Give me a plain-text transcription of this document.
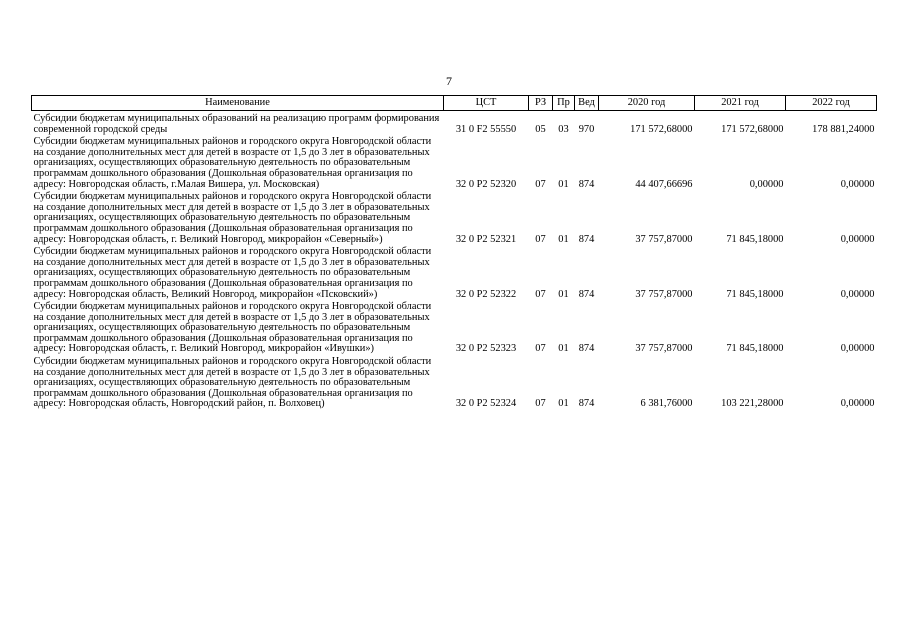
7
Наименование	ЦСТ	РЗ	Пр	Вед	2020 год	2021 год	2022 год
Субсидии бюджетам муниципальных образований на реализацию программ формирования современной городской среды	31 0 F2 55550	05	03	970	171 572,68000	171 572,68000	178 881,24000
Субсидии бюджетам муниципальных районов и городского округа Новгородской области на создание дополнительных мест для детей в возрасте от 1,5 до 3 лет в образовательных организациях, осуществляющих образовательную деятельность по образовательным программам дошкольного образования (Дошкольная образовательная организация по адресу: Новгородская область, г.Малая Вишера, ул. Московская)	32 0 P2 52320	07	01	874	44 407,66696	0,00000	0,00000
Субсидии бюджетам муниципальных районов и городского округа Новгородской области на создание дополнительных мест для детей в возрасте от 1,5 до 3 лет в образовательных организациях, осуществляющих образовательную деятельность по образовательным программам дошкольного образования (Дошкольная образовательная организация по адресу: Новгородская область, г. Великий Новгород, микрорайон «Северный»)	32 0 P2 52321	07	01	874	37 757,87000	71 845,18000	0,00000
Субсидии бюджетам муниципальных районов и городского округа Новгородской области на создание дополнительных мест для детей в возрасте от 1,5 до 3 лет в образовательных организациях, осуществляющих образовательную деятельность по образовательным программам дошкольного образования (Дошкольная образовательная организация по адресу: Новгородская область, Великий Новгород, микрорайон «Псковский»)	32 0 P2 52322	07	01	874	37 757,87000	71 845,18000	0,00000
Субсидии бюджетам муниципальных районов и городского округа Новгородской области на создание дополнительных мест для детей в возрасте от 1,5 до 3 лет в образовательных организациях, осуществляющих образовательную деятельность по образовательным программам дошкольного образования (Дошкольная образовательная организация по адресу: Новгородская область, г. Великий Новгород, микрорайон «Ивушки»)	32 0 P2 52323	07	01	874	37 757,87000	71 845,18000	0,00000
Субсидии бюджетам муниципальных районов и городского округа Новгородской области на создание дополнительных мест для детей в возрасте от 1,5 до 3 лет в образовательных организациях, осуществляющих образовательную деятельность по образовательным программам дошкольного образования (Дошкольная образовательная организация по адресу: Новгородская область, Новгородский район, п. Волховец)	32 0 P2 52324	07	01	874	6 381,76000	103 221,28000	0,00000
